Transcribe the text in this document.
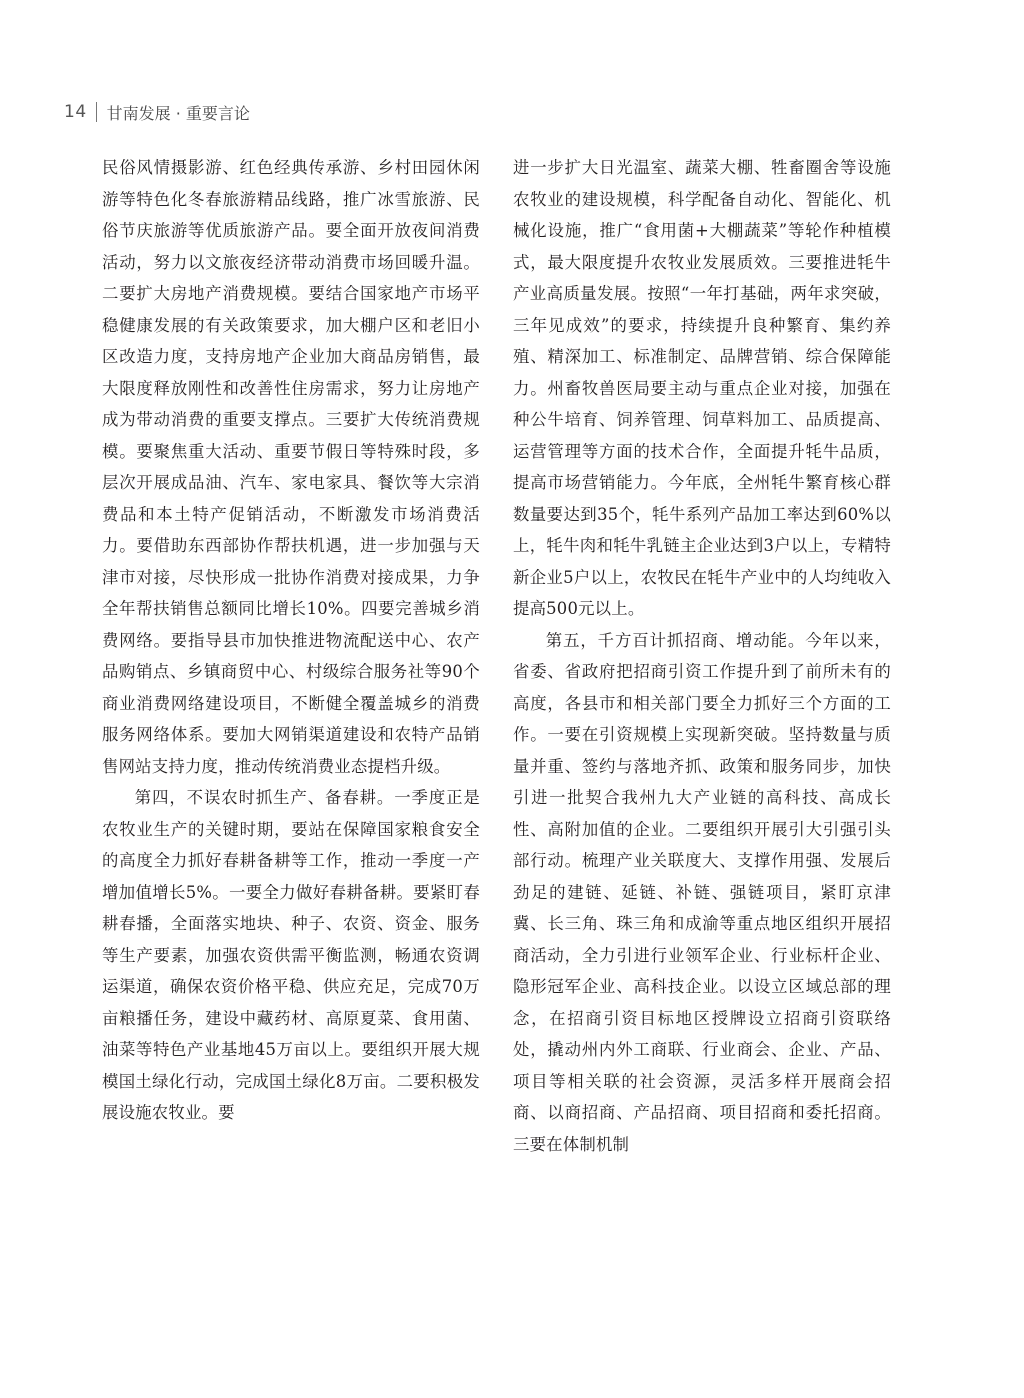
14 甘南发展 · 重要言论

民俗风情摄影游、红色经典传承游、乡村田园休闲游等特色化冬春旅游精品线路，推广冰雪旅游、民俗节庆旅游等优质旅游产品。要全面开放夜间消费活动，努力以文旅夜经济带动消费市场回暖升温。二要扩大房地产消费规模。要结合国家地产市场平稳健康发展的有关政策要求，加大棚户区和老旧小区改造力度，支持房地产企业加大商品房销售，最大限度释放刚性和改善性住房需求，努力让房地产成为带动消费的重要支撑点。三要扩大传统消费规模。要聚焦重大活动、重要节假日等特殊时段，多层次开展成品油、汽车、家电家具、餐饮等大宗消费品和本土特产促销活动，不断激发市场消费活力。要借助东西部协作帮扶机遇，进一步加强与天津市对接，尽快形成一批协作消费对接成果，力争全年帮扶销售总额同比增长10%。四要完善城乡消费网络。要指导县市加快推进物流配送中心、农产品购销点、乡镇商贸中心、村级综合服务社等90个商业消费网络建设项目，不断健全覆盖城乡的消费服务网络体系。要加大网销渠道建设和农特产品销售网站支持力度，推动传统消费业态提档升级。

第四，不误农时抓生产、备春耕。一季度正是农牧业生产的关键时期，要站在保障国家粮食安全的高度全力抓好春耕备耕等工作，推动一季度一产增加值增长5%。一要全力做好春耕备耕。要紧盯春耕春播，全面落实地块、种子、农资、资金、服务等生产要素，加强农资供需平衡监测，畅通农资调运渠道，确保农资价格平稳、供应充足，完成70万亩粮播任务，建设中藏药材、高原夏菜、食用菌、油菜等特色产业基地45万亩以上。要组织开展大规模国土绿化行动，完成国土绿化8万亩。二要积极发展设施农牧业。要

进一步扩大日光温室、蔬菜大棚、牲畜圈舍等设施农牧业的建设规模，科学配备自动化、智能化、机械化设施，推广“食用菌+大棚蔬菜”等轮作种植模式，最大限度提升农牧业发展质效。三要推进牦牛产业高质量发展。按照“一年打基础，两年求突破，三年见成效”的要求，持续提升良种繁育、集约养殖、精深加工、标准制定、品牌营销、综合保障能力。州畜牧兽医局要主动与重点企业对接，加强在种公牛培育、饲养管理、饲草料加工、品质提高、运营管理等方面的技术合作，全面提升牦牛品质，提高市场营销能力。今年底，全州牦牛繁育核心群数量要达到35个，牦牛系列产品加工率达到60%以上，牦牛肉和牦牛乳链主企业达到3户以上，专精特新企业5户以上，农牧民在牦牛产业中的人均纯收入提高500元以上。

第五，千方百计抓招商、增动能。今年以来，省委、省政府把招商引资工作提升到了前所未有的高度，各县市和相关部门要全力抓好三个方面的工作。一要在引资规模上实现新突破。坚持数量与质量并重、签约与落地齐抓、政策和服务同步，加快引进一批契合我州九大产业链的高科技、高成长性、高附加值的企业。二要组织开展引大引强引头部行动。梳理产业关联度大、支撑作用强、发展后劲足的建链、延链、补链、强链项目，紧盯京津冀、长三角、珠三角和成渝等重点地区组织开展招商活动，全力引进行业领军企业、行业标杆企业、隐形冠军企业、高科技企业。以设立区域总部的理念，在招商引资目标地区授牌设立招商引资联络处，撬动州内外工商联、行业商会、企业、产品、项目等相关联的社会资源，灵活多样开展商会招商、以商招商、产品招商、项目招商和委托招商。三要在体制机制
